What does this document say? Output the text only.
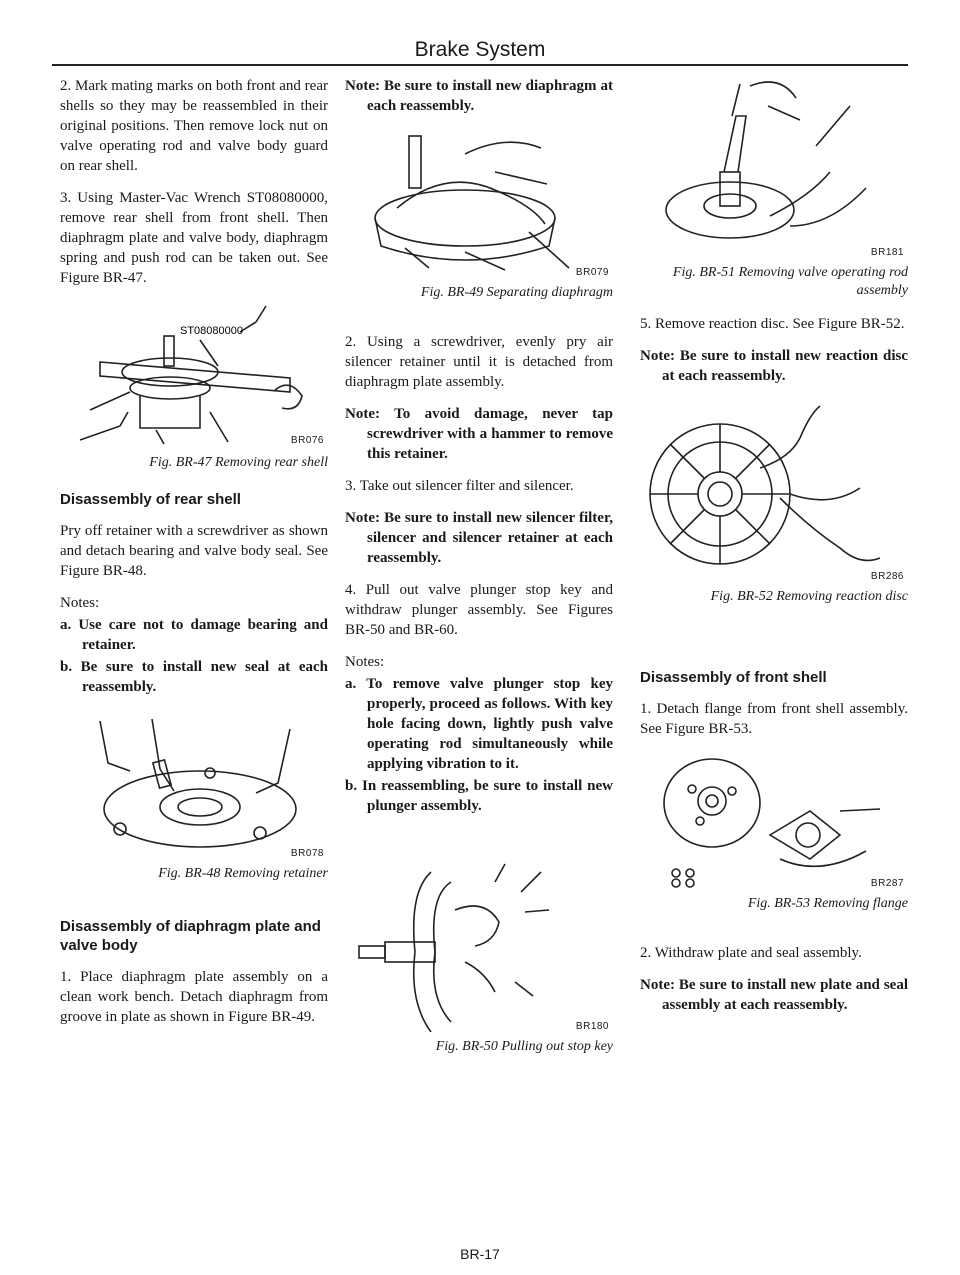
Brake System

2. Mark mating marks on both front and rear shells so they may be reassembled in their original positions. Then remove lock nut on valve operating rod and valve body guard on rear shell.

3. Using Master-Vac Wrench ST08080000, remove rear shell from front shell. Then diaphragm plate and valve body, diaphragm spring and push rod can be taken out. See Figure BR-47.

ST08080000
BR076
Fig. BR-47 Removing rear shell
Disassembly of rear shell

Pry off retainer with a screwdriver as shown and detach bearing and valve body seal. See Figure BR-48.

Notes:

a. Use care not to damage bearing and retainer.

b. Be sure to install new seal at each reassembly.

BR078
Fig. BR-48 Removing retainer
Disassembly of diaphragm plate and valve body

1. Place diaphragm plate assembly on a clean work bench. Detach diaphragm from groove in plate as shown in Figure BR-49.

Note: Be sure to install new diaphragm at each reassembly.

BR079
Fig. BR-49 Separating diaphragm

2. Using a screwdriver, evenly pry air silencer retainer until it is detached from diaphragm plate assembly.

Note: To avoid damage, never tap screwdriver with a hammer to remove this retainer.

3. Take out silencer filter and silencer.

Note: Be sure to install new silencer filter, silencer and silencer retainer at each reassembly.

4. Pull out valve plunger stop key and withdraw plunger assembly. See Figures BR-50 and BR-60.

Notes:

a. To remove valve plunger stop key properly, proceed as follows. With key hole facing down, lightly push valve operating rod simultaneously while applying vibration to it.

b. In reassembling, be sure to install new plunger assembly.

BR180
Fig. BR-50 Pulling out stop key
BR181
Fig. BR-51 Removing valve operating rod assembly

5. Remove reaction disc. See Figure BR-52.

Note: Be sure to install new reaction disc at each reassembly.

BR286
Fig. BR-52 Removing reaction disc
Disassembly of front shell

1. Detach flange from front shell assembly. See Figure BR-53.

BR287
Fig. BR-53 Removing flange

2. Withdraw plate and seal assembly.

Note: Be sure to install new plate and seal assembly at each reassembly.

BR-17
